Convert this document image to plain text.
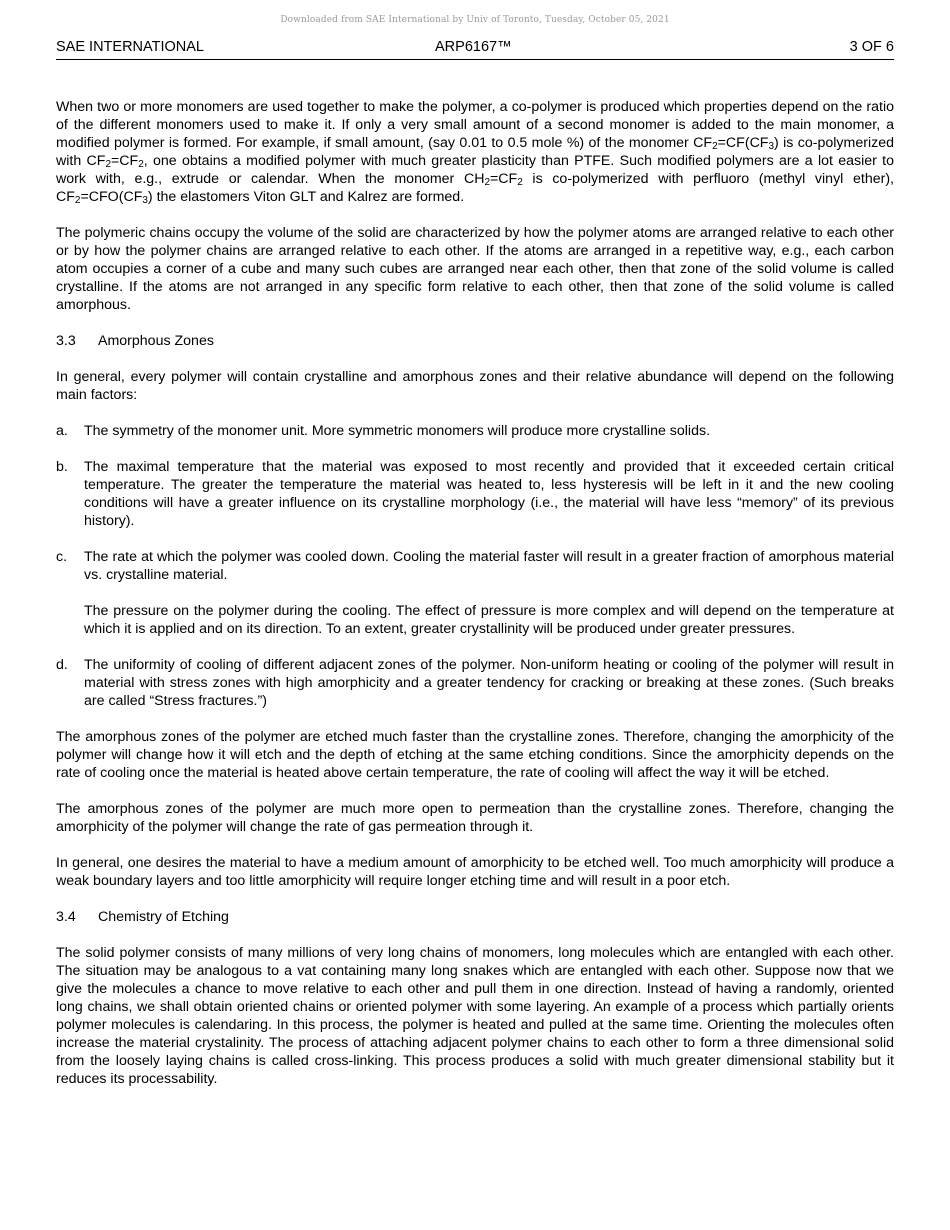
Downloaded from SAE International by Univ of Toronto, Tuesday, October 05, 2021
SAE INTERNATIONAL	ARP6167™	3 OF 6

When two or more monomers are used together to make the polymer, a co-polymer is produced which properties depend on the ratio of the different monomers used to make it. If only a very small amount of a second monomer is added to the main monomer, a modified polymer is formed. For example, if small amount, (say 0.01 to 0.5 mole %) of the monomer $CF_2=CF(CF_3)$ is co-polymerized with $CF_2=CF_2$, one obtains a modified polymer with much greater plasticity than PTFE. Such modified polymers are a lot easier to work with, e.g., extrude or calendar. When the monomer $CH_2=CF_2$ is co-polymerized with perfluoro (methyl vinyl ether), $CF_2=CFO(CF_3)$ the elastomers Viton GLT and Kalrez are formed.

The polymeric chains occupy the volume of the solid are characterized by how the polymer atoms are arranged relative to each other or by how the polymer chains are arranged relative to each other. If the atoms are arranged in a repetitive way, e.g., each carbon atom occupies a corner of a cube and many such cubes are arranged near each other, then that zone of the solid volume is called crystalline. If the atoms are not arranged in any specific form relative to each other, then that zone of the solid volume is called amorphous.

3.3 Amorphous Zones

In general, every polymer will contain crystalline and amorphous zones and their relative abundance will depend on the following main factors:

a.	The symmetry of the monomer unit. More symmetric monomers will produce more crystalline solids.
b.	The maximal temperature that the material was exposed to most recently and provided that it exceeded certain critical temperature. The greater the temperature the material was heated to, less hysteresis will be left in it and the new cooling conditions will have a greater influence on its crystalline morphology (i.e., the material will have less “memory” of its previous history).
c.	The rate at which the polymer was cooled down. Cooling the material faster will result in a greater fraction of amorphous material vs. crystalline material.

The pressure on the polymer during the cooling. The effect of pressure is more complex and will depend on the temperature at which it is applied and on its direction. To an extent, greater crystallinity will be produced under greater pressures.

d.	The uniformity of cooling of different adjacent zones of the polymer. Non-uniform heating or cooling of the polymer will result in material with stress zones with high amorphicity and a greater tendency for cracking or breaking at these zones. (Such breaks are called “Stress fractures.”)

The amorphous zones of the polymer are etched much faster than the crystalline zones. Therefore, changing the amorphicity of the polymer will change how it will etch and the depth of etching at the same etching conditions. Since the amorphicity depends on the rate of cooling once the material is heated above certain temperature, the rate of cooling will affect the way it will be etched.

The amorphous zones of the polymer are much more open to permeation than the crystalline zones. Therefore, changing the amorphicity of the polymer will change the rate of gas permeation through it.

In general, one desires the material to have a medium amount of amorphicity to be etched well. Too much amorphicity will produce a weak boundary layers and too little amorphicity will require longer etching time and will result in a poor etch.

3.4 Chemistry of Etching

The solid polymer consists of many millions of very long chains of monomers, long molecules which are entangled with each other. The situation may be analogous to a vat containing many long snakes which are entangled with each other. Suppose now that we give the molecules a chance to move relative to each other and pull them in one direction. Instead of having a randomly, oriented long chains, we shall obtain oriented chains or oriented polymer with some layering. An example of a process which partially orients polymer molecules is calendaring. In this process, the polymer is heated and pulled at the same time. Orienting the molecules often increase the material crystalinity. The process of attaching adjacent polymer chains to each other to form a three dimensional solid from the loosely laying chains is called cross-linking. This process produces a solid with much greater dimensional stability but it reduces its processability.
